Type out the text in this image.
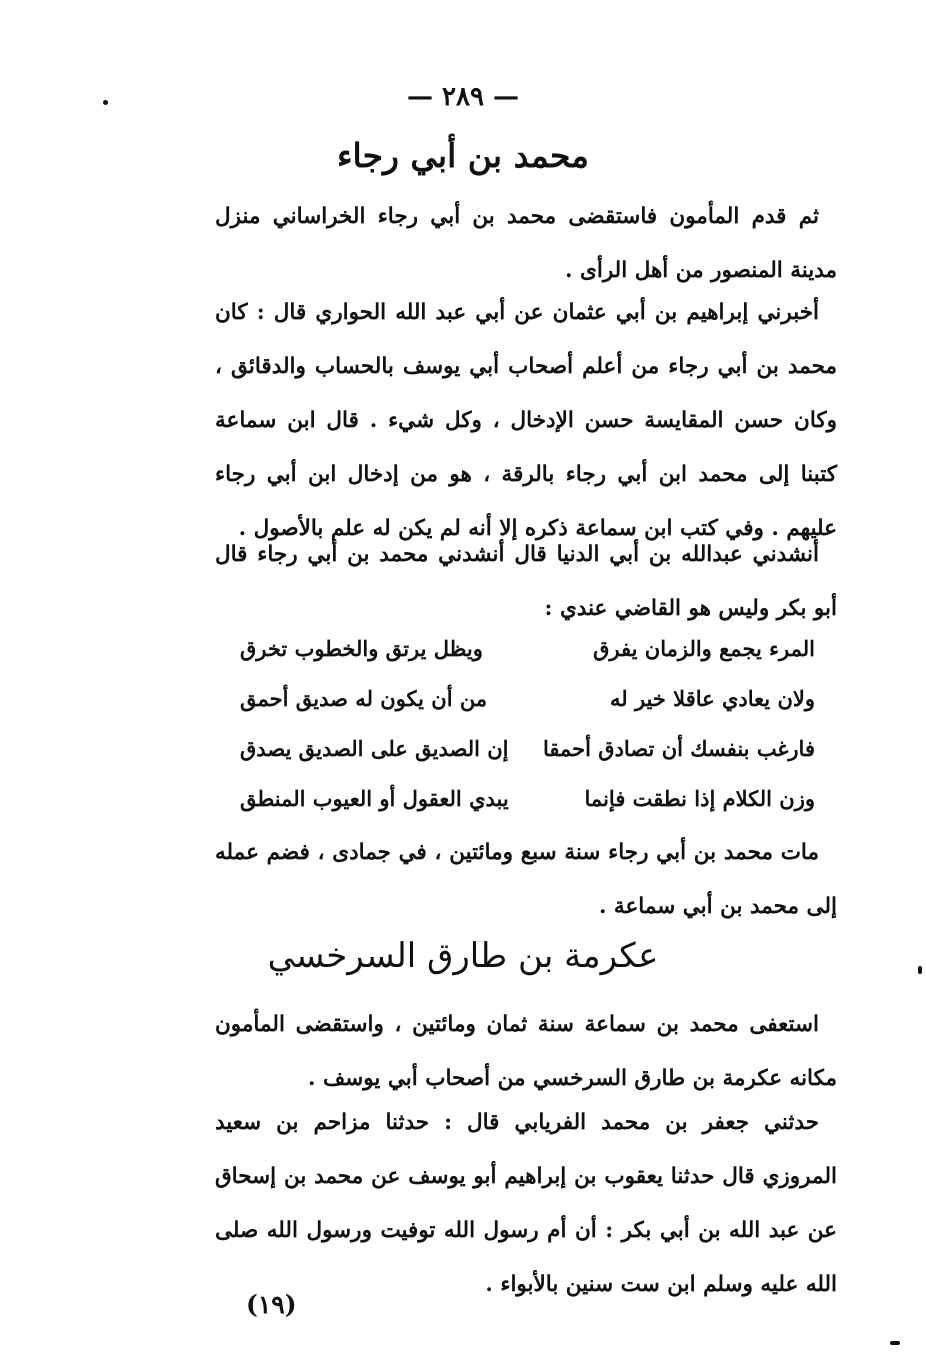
— ٢٨٩ —
محمد بن أبي رجاء

ثم قدم المأمون فاستقضى محمد بن أبي رجاء الخراساني منزل مدينة المنصور من أهل الرأى .

أخبرني إبراهيم بن أبي عثمان عن أبي عبد الله الحواري قال : كان محمد بن أبي رجاء من أعلم أصحاب أبي يوسف بالحساب والدقائق ، وكان حسن المقايسة حسن الإدخال ، وكل شيء . قال ابن سماعة كتبنا إلى محمد ابن أبي رجاء بالرقة ، هو من إدخال ابن أبي رجاء عليهم . وفي كتب ابن سماعة ذكره إلا أنه لم يكن له علم بالأصول .

أنشدني عبدالله بن أبي الدنيا قال أنشدني محمد بن أبي رجاء قال أبو بكر وليس هو القاضي عندي :

المرء يجمع والزمان يفرق
ويظل يرتق والخطوب تخرق
ولان يعادي عاقلا خير له
من أن يكون له صديق أحمق
فارغب بنفسك أن تصادق أحمقا
إن الصديق على الصديق يصدق
وزن الكلام إذا نطقت فإنما
يبدي العقول أو العيوب المنطق

مات محمد بن أبي رجاء سنة سبع ومائتين ، في جمادى ، فضم عمله إلى محمد بن أبي سماعة .

عكرمة بن طارق السرخسي

استعفى محمد بن سماعة سنة ثمان ومائتين ، واستقضى المأمون مكانه عكرمة بن طارق السرخسي من أصحاب أبي يوسف .

حدثني جعفر بن محمد الفريابي قال : حدثنا مزاحم بن سعيد المروزي قال حدثنا يعقوب بن إبراهيم أبو يوسف عن محمد بن إسحاق عن عبد الله بن أبي بكر : أن أم رسول الله توفيت ورسول الله صلى الله عليه وسلم ابن ست سنين بالأبواء .

(١٩)
